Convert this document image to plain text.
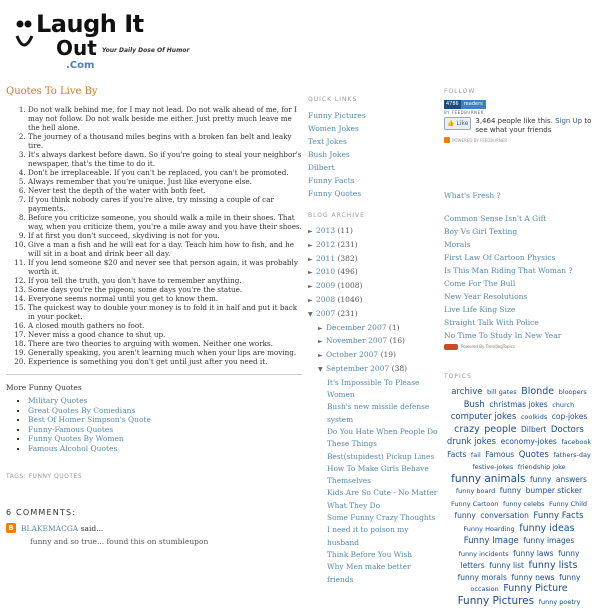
Laugh It
Out Your Daily Dose Of Humor
.Com
Quotes To Live By
1. Do not walk behind me, for I may not lead. Do not walk ahead of me, for I may not follow. Do not walk beside me either. Just pretty much leave me the hell alone.
2. The journey of a thousand miles begins with a broken fan belt and leaky tire.
3. It's always darkest before dawn. So if you're going to steal your neighbor's newspaper, that's the time to do it.
4. Don't be irreplaceable. If you can't be replaced, you can't be promoted.
5. Always remember that you're unique. Just like everyone else.
6. Never test the depth of the water with both feet.
7. If you think nobody cares if you're alive, try missing a couple of car payments.
8. Before you criticize someone, you should walk a mile in their shoes. That way, when you criticize them, you're a mile away and you have their shoes.
9. If at first you don't succeed, skydiving is not for you.
10. Give a man a fish and he will eat for a day. Teach him how to fish, and he will sit in a boat and drink beer all day.
11. If you lend someone $20 and never see that person again, it was probably worth it.
12. If you tell the truth, you don't have to remember anything.
13. Some days you're the pigeon; some days you're the statue.
14. Everyone seems normal until you get to know them.
15. The quickest way to double your money is to fold it in half and put it back in your pocket.
16. A closed mouth gathers no foot.
17. Never miss a good chance to shut up.
18. There are two theories to arguing with women. Neither one works.
19. Generally speaking, you aren't learning much when your lips are moving.
20. Experience is something you don't get until just after you need it.
More Funny Quotes
▪ Military Quotes
▪ Great Quotes By Comedians
▪ Best Of Homer Simpson's Quote
▪ Funny-Famous Quotes
▪ Funny Quotes By Women
▪ Famous Alcohol Quotes
TAGS: FUNNY QUOTES
6 COMMENTS:
B BLAKEMACGA said...
funny and so true... found this on stumbleupon
QUICK LINKS
Funny Pictures
Women Jokes
Text Jokes
Bush Jokes
Dilbert
Funny Facts
Funny Quotes
BLOG ARCHIVE
► 2013 (11)
► 2012 (231)
► 2011 (382)
► 2010 (496)
► 2009 (1008)
► 2008 (1046)
▼ 2007 (231)
► December 2007 (1)
► November 2007 (16)
► October 2007 (19)
▼ September 2007 (38)
It's Impossible To Please Women
Bush's new missile defense system
Do You Hate When People Do These Things
Best(stupidest) Pickup Lines
How To Make Girls Behave Themselves
Kids Are So Cute - No Matter What They Do
Some Funny Crazy Thoughts
I need it to poison my husband
Think Before You Wish
Why Men make better friends
FOLLOW
4786	readers
BY FEEDBURNER
👍 Like	3,464 people like this. Sign Up to see what your friends
POWERED BY FEEDBURNER
What's Fresh ?
Common Sense Isn't A Gift
Boy Vs Girl Texting
Morals
First Law Of Cartoon Physics
Is This Man Riding That Woman ?
Come For The Bull
New Year Resolutions
Live Life King Size
Straight Talk With Police
No Time To Study In New Year
Powered By TrendingTopics
TOPICS
archive bill gates Blonde bloopers Bush christmas jokes church computer jokes coolkids cop-jokes crazy people Dilbert Doctors drunk jokes economy-jokes facebook Facts fail Famous Quotes fathers-day festive-jokes friendship joke funny animals funny answers funny board funny bumper sticker Funny Cartoon funny celebs Funny Child funny conversation Funny Facts Funny Hoarding funny ideas Funny Image funny images funny incidents funny laws funny letters funny list funny lists funny morals funny news funny occasion Funny Picture Funny Pictures funny poetry
